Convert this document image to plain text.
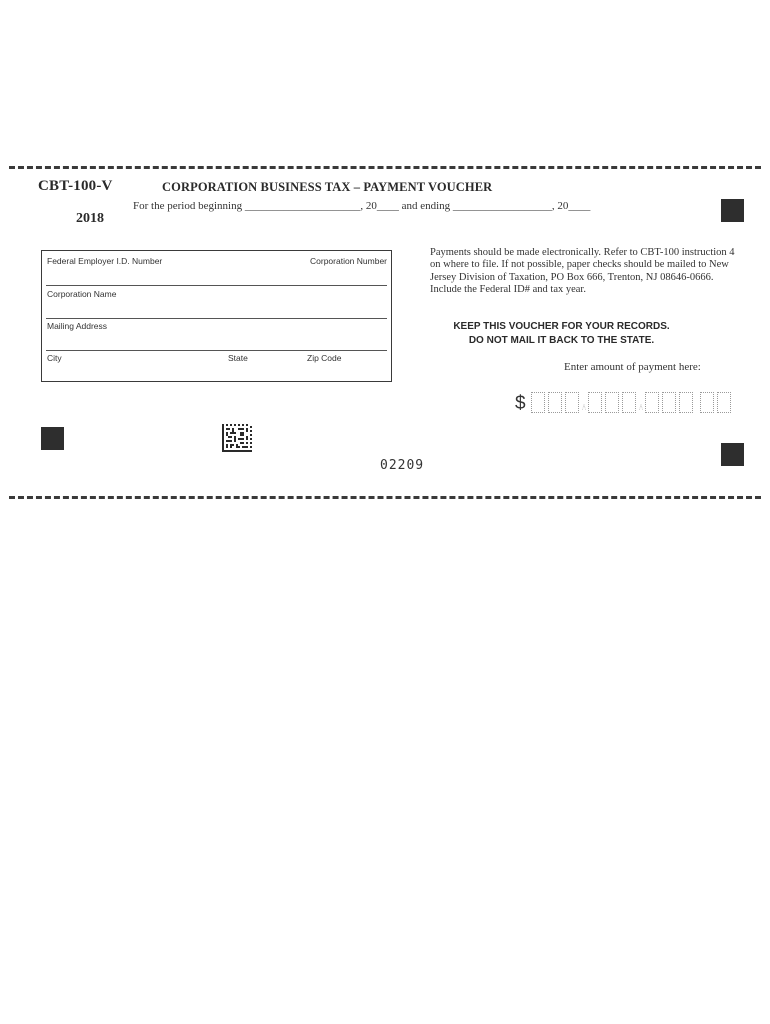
CBT-100-V
2018
CORPORATION BUSINESS TAX – PAYMENT VOUCHER
For the period beginning _____________________, 20____ and ending __________________, 20____
Federal Employer I.D. Number	Corporation Number
Corporation Name
Mailing Address
City	State	Zip Code
Payments should be made electronically. Refer to CBT-100 instruction 4 on where to file. If not possible, paper checks should be mailed to New Jersey Division of Taxation, PO Box 666, Trenton, NJ 08646-0666. Include the Federal ID# and tax year.
KEEP THIS VOUCHER FOR YOUR RECORDS.
DO NOT MAIL IT BACK TO THE STATE.
Enter amount of payment here:
$
02209
